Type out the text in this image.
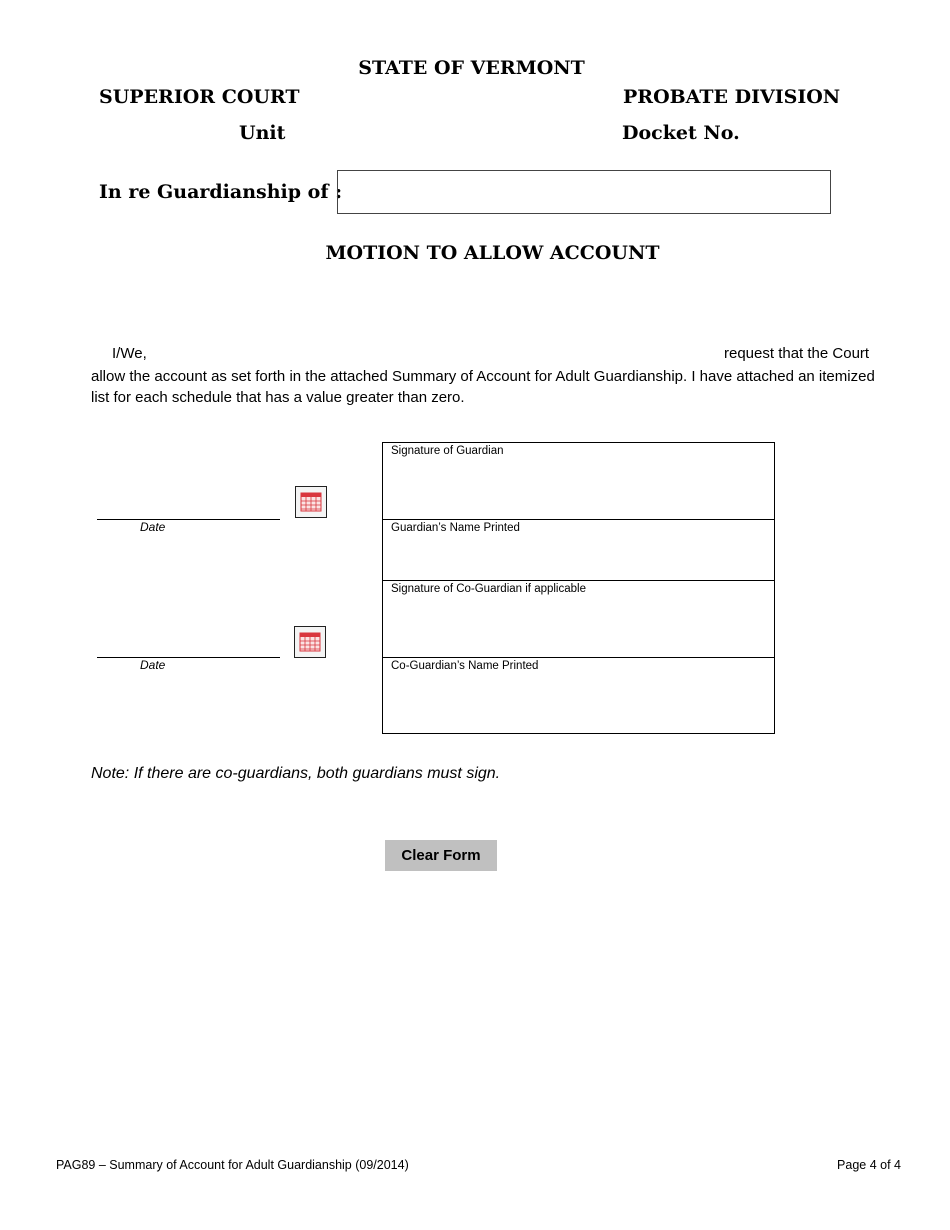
STATE OF VERMONT
SUPERIOR COURT	PROBATE DIVISION
Unit	Docket No.
In re Guardianship of :
MOTION TO ALLOW ACCOUNT
I/We,	request that the Court
allow the account as set forth in the attached Summary of Account for Adult Guardianship. I have attached an itemized list for each schedule that has a value greater than zero.
Date
Date
Signature of Guardian
Guardian’s Name Printed
Signature of Co-Guardian if applicable
Co-Guardian’s Name Printed
Note: If there are co-guardians, both guardians must sign.
Clear Form
PAG89 – Summary of Account for Adult Guardianship (09/2014)	Page 4 of 4
